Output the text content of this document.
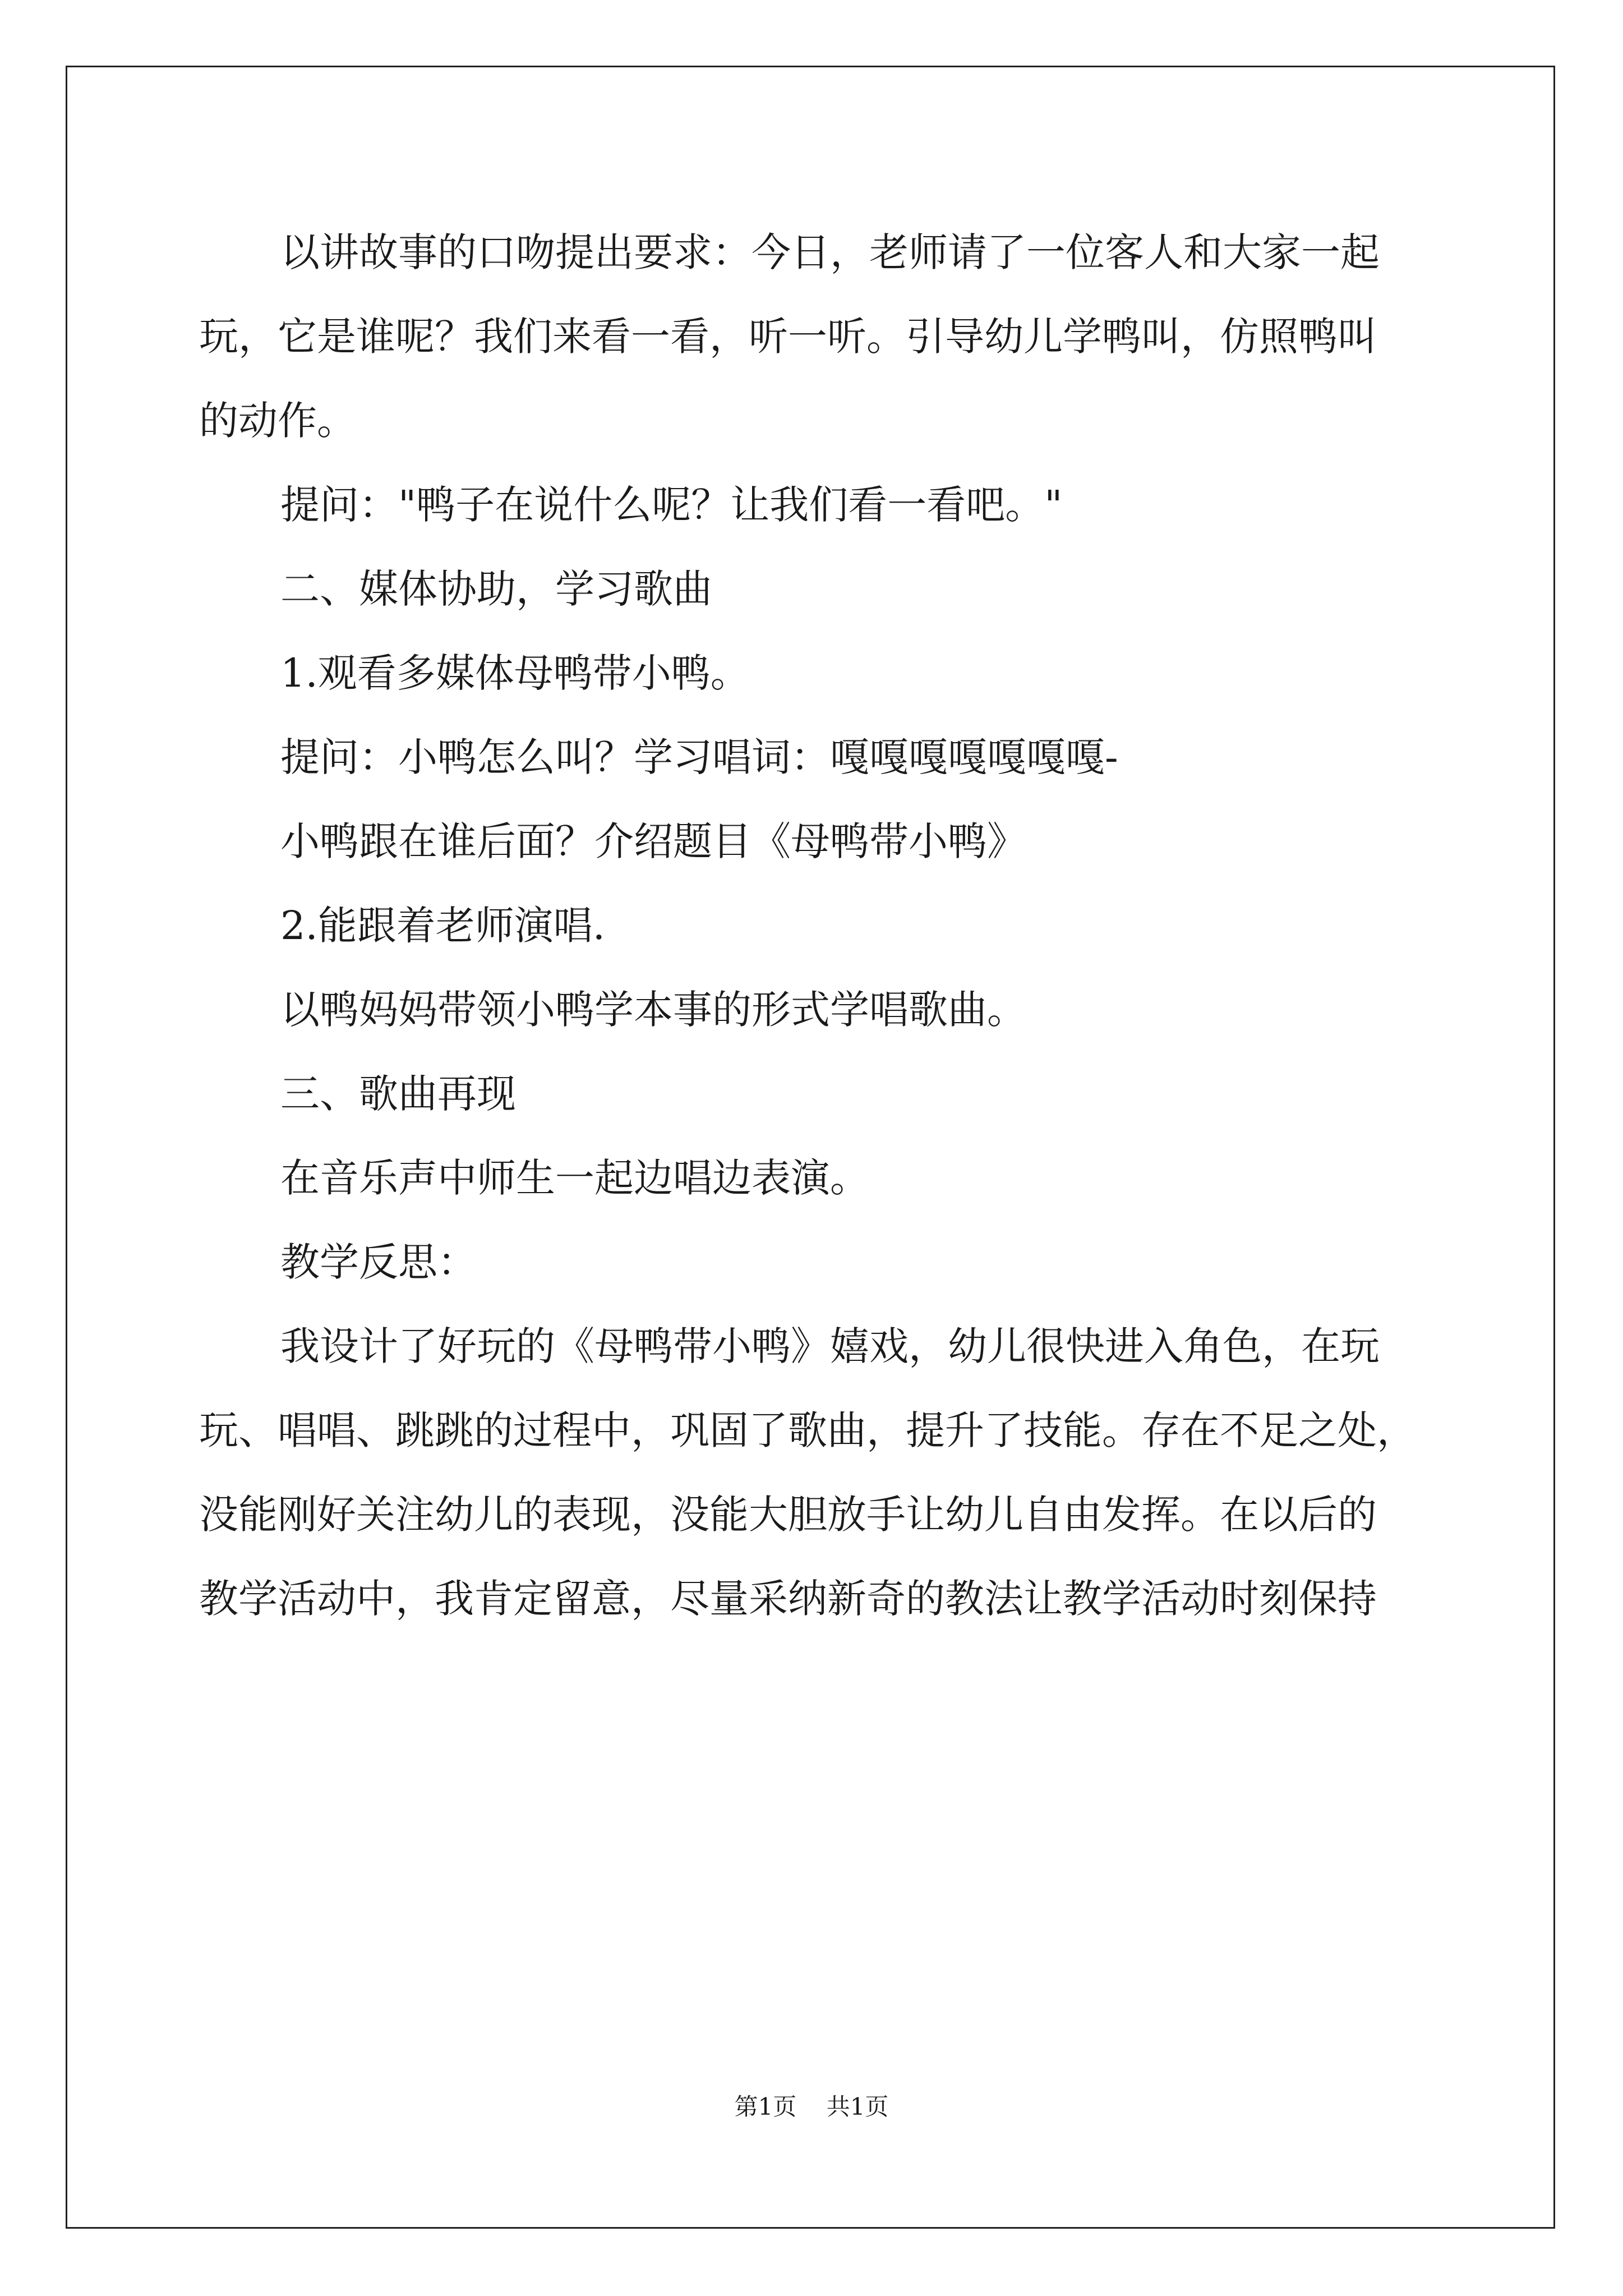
以讲故事的口吻提出要求：今日，老师请了一位客人和大家一起
玩，它是谁呢？我们来看一看，听一听。引导幼儿学鸭叫，仿照鸭叫
的动作。
提问："鸭子在说什么呢？让我们看一看吧。"
二、媒体协助，学习歌曲
1.观看多媒体母鸭带小鸭。
提问：小鸭怎么叫？学习唱词：嘎嘎嘎嘎嘎嘎嘎-
小鸭跟在谁后面？介绍题目《母鸭带小鸭》
2.能跟着老师演唱.
以鸭妈妈带领小鸭学本事的形式学唱歌曲。
三、歌曲再现
在音乐声中师生一起边唱边表演。
教学反思：
我设计了好玩的《母鸭带小鸭》嬉戏，幼儿很快进入角色，在玩
玩、唱唱、跳跳的过程中，巩固了歌曲，提升了技能。存在不足之处，
没能刚好关注幼儿的表现，没能大胆放手让幼儿自由发挥。在以后的
教学活动中，我肯定留意，尽量采纳新奇的教法让教学活动时刻保持
第1页 共1页
